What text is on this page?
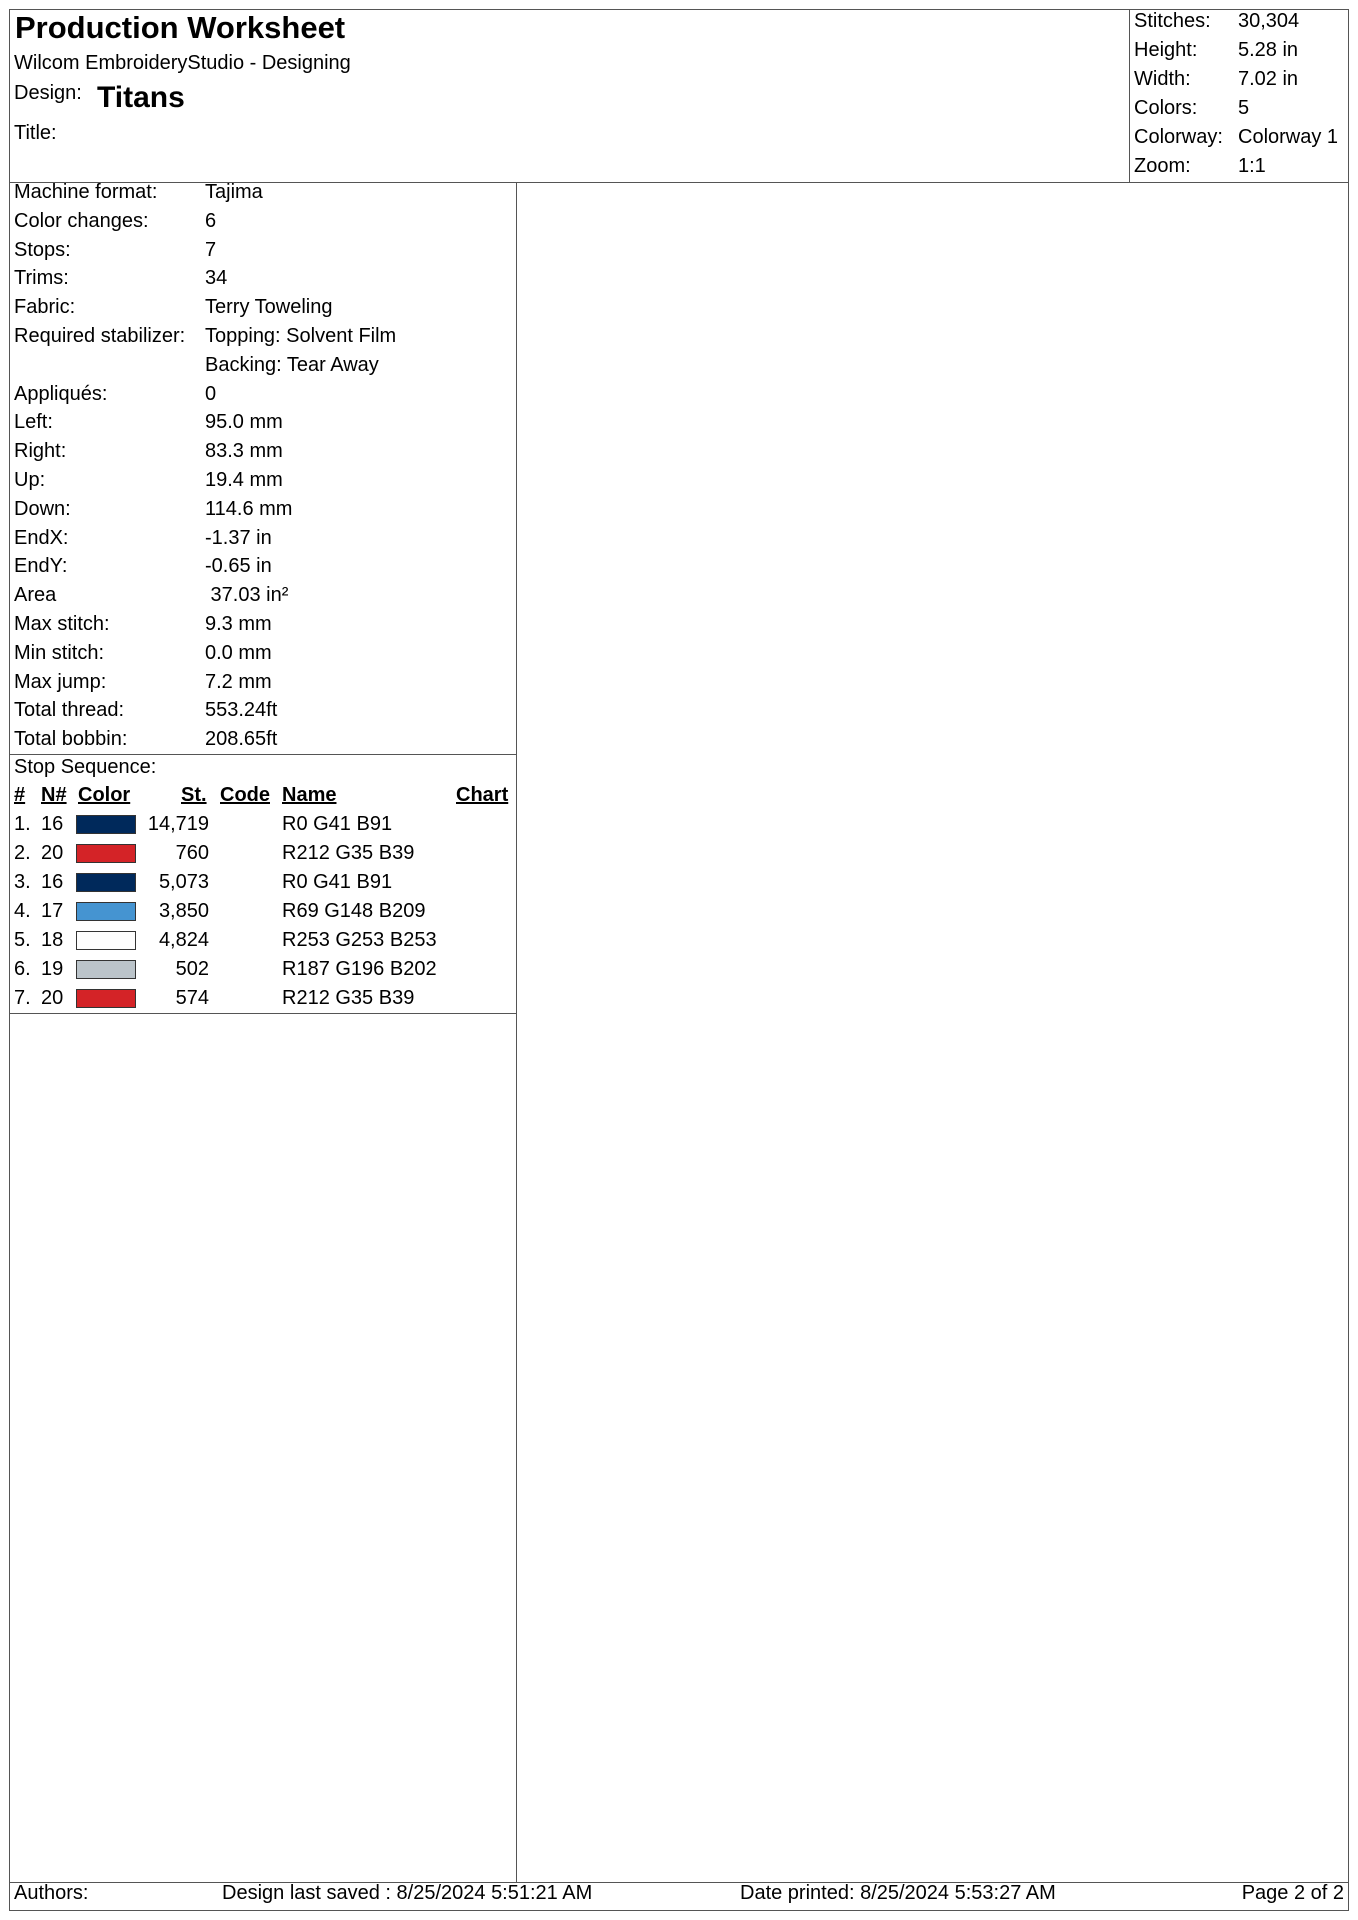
Production Worksheet
Wilcom EmbroideryStudio - Designing
Design: Titans
Title:
Stitches: 30,304
Height: 5.28 in
Width: 7.02 in
Colors: 5
Colorway: Colorway 1
Zoom: 1:1
Machine format: Tajima
Color changes:	6
Stops:	7
Trims:	34
Fabric:	Terry Toweling
Required stabilizer: Topping: Solvent Film
Backing: Tear Away
Appliqués:	0
Left:	95.0 mm
Right:	83.3 mm
Up:	19.4 mm
Down:	114.6 mm
EndX:	-1.37 in
EndY:	-0.65 in
Area	37.03 in²
Max stitch:	9.3 mm
Min stitch:	0.0 mm
Max jump:	7.2 mm
Total thread:	553.24ft
Total bobbin:	208.65ft
Stop Sequence:
# N# Color	St. Code Name	Chart
1. 16	14,719	R0 G41 B91
2. 20	760	R212 G35 B39
3. 16	5,073	R0 G41 B91
4. 17	3,850	R69 G148 B209
5. 18	4,824	R253 G253 B253
6. 19	502	R187 G196 B202
7. 20	574	R212 G35 B39
Authors:	Design last saved : 8/25/2024 5:51:21 AM	Date printed: 8/25/2024 5:53:27 AM	Page 2 of 2
